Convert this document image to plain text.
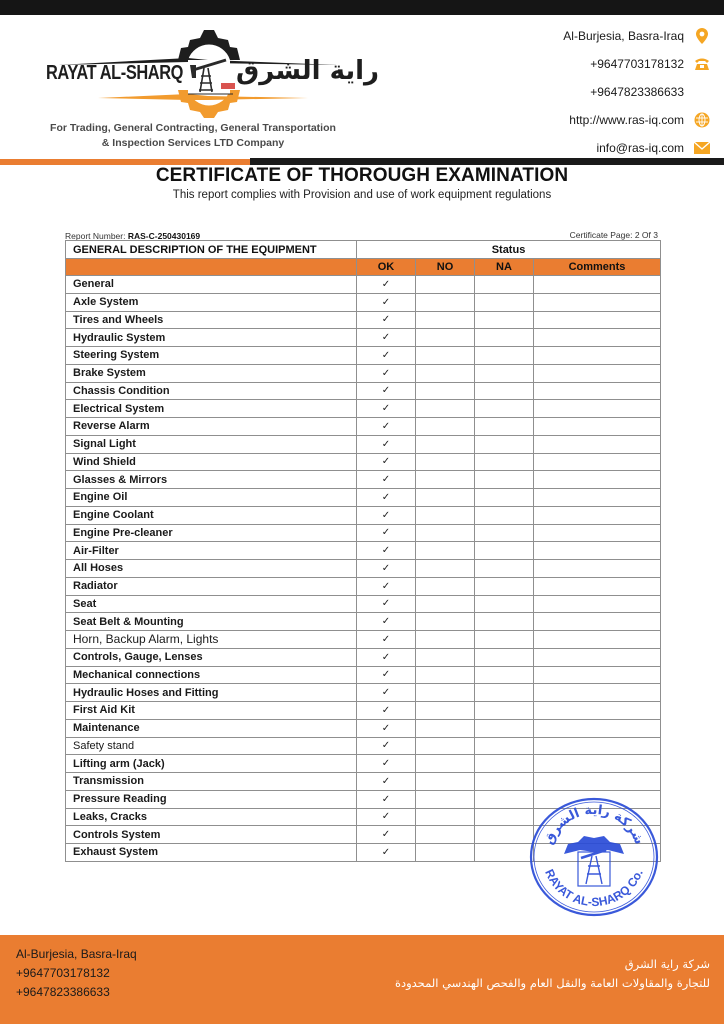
RAYAT AL-SHARQ راية الشرق
For Trading, General Contracting, General Transportation
& Inspection Services LTD Company
Al-Burjesia, Basra-Iraq
+9647703178132
+9647823386633
http://www.ras-iq.com
info@ras-iq.com
CERTIFICATE OF THOROUGH EXAMINATION
This report complies with Provision and use of work equipment regulations
Report Number: RAS-C-250430169	Certificate Page: 2 Of 3
GENERAL DESCRIPTION OF THE EQUIPMENT	Status			
	OK	NO	NA	Comments
General	✓			
Axle System	✓			
Tires and Wheels	✓			
Hydraulic System	✓			
Steering System	✓			
Brake System	✓			
Chassis Condition	✓			
Electrical System	✓			
Reverse Alarm	✓			
Signal Light	✓			
Wind Shield	✓			
Glasses & Mirrors	✓			
Engine Oil	✓			
Engine Coolant	✓			
Engine Pre-cleaner	✓			
Air-Filter	✓			
All Hoses	✓			
Radiator	✓			
Seat	✓			
Seat Belt & Mounting	✓			
Horn, Backup Alarm, Lights	✓			
Controls, Gauge, Lenses	✓			
Mechanical connections	✓			
Hydraulic Hoses and Fitting	✓			
First Aid Kit	✓			
Maintenance	✓			
Safety stand	✓			
Lifting arm (Jack)	✓			
Transmission	✓			
Pressure Reading	✓			
Leaks, Cracks	✓			
Controls System	✓			
Exhaust System	✓			
شركة راية الشرق
RAYAT AL-SHARQ Co.
Al-Burjesia, Basra-Iraq
+9647703178132
+9647823386633
شركة راية الشرق
للتجارة والمقاولات العامة والنقل العام والفحص الهندسي المحدودة
